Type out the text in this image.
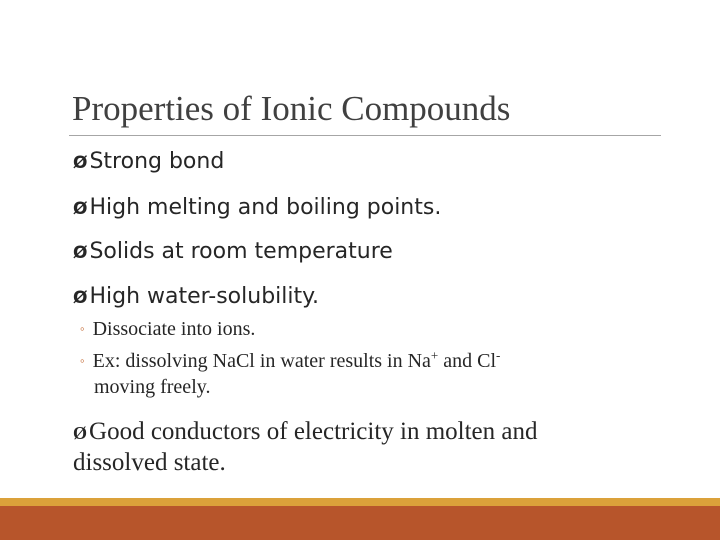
Properties of Ionic Compounds
ØStrong bond
ØHigh melting and boiling points.
ØSolids at room temperature
ØHigh water-solubility.
◦ Dissociate into ions.
◦ Ex: dissolving NaCl in water results in Na+ and Cl-
moving freely.
ØGood conductors of electricity in molten and dissolved state.
